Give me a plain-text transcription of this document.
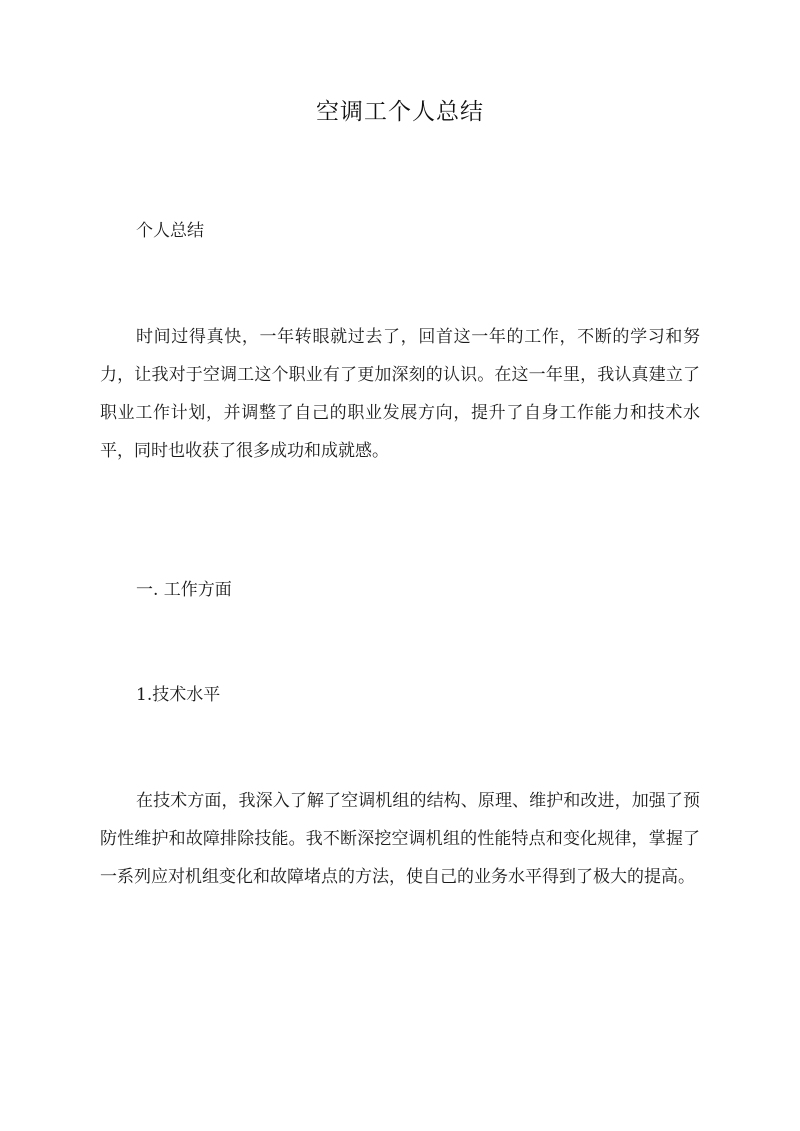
空调工个人总结
个人总结

时间过得真快，一年转眼就过去了，回首这一年的工作，不断的学习和努力，让我对于空调工这个职业有了更加深刻的认识。在这一年里，我认真建立了职业工作计划，并调整了自己的职业发展方向，提升了自身工作能力和技术水平，同时也收获了很多成功和成就感。

一. 工作方面
1.技术水平

在技术方面，我深入了解了空调机组的结构、原理、维护和改进，加强了预防性维护和故障排除技能。我不断深挖空调机组的性能特点和变化规律，掌握了一系列应对机组变化和故障堵点的方法，使自己的业务水平得到了极大的提高。
